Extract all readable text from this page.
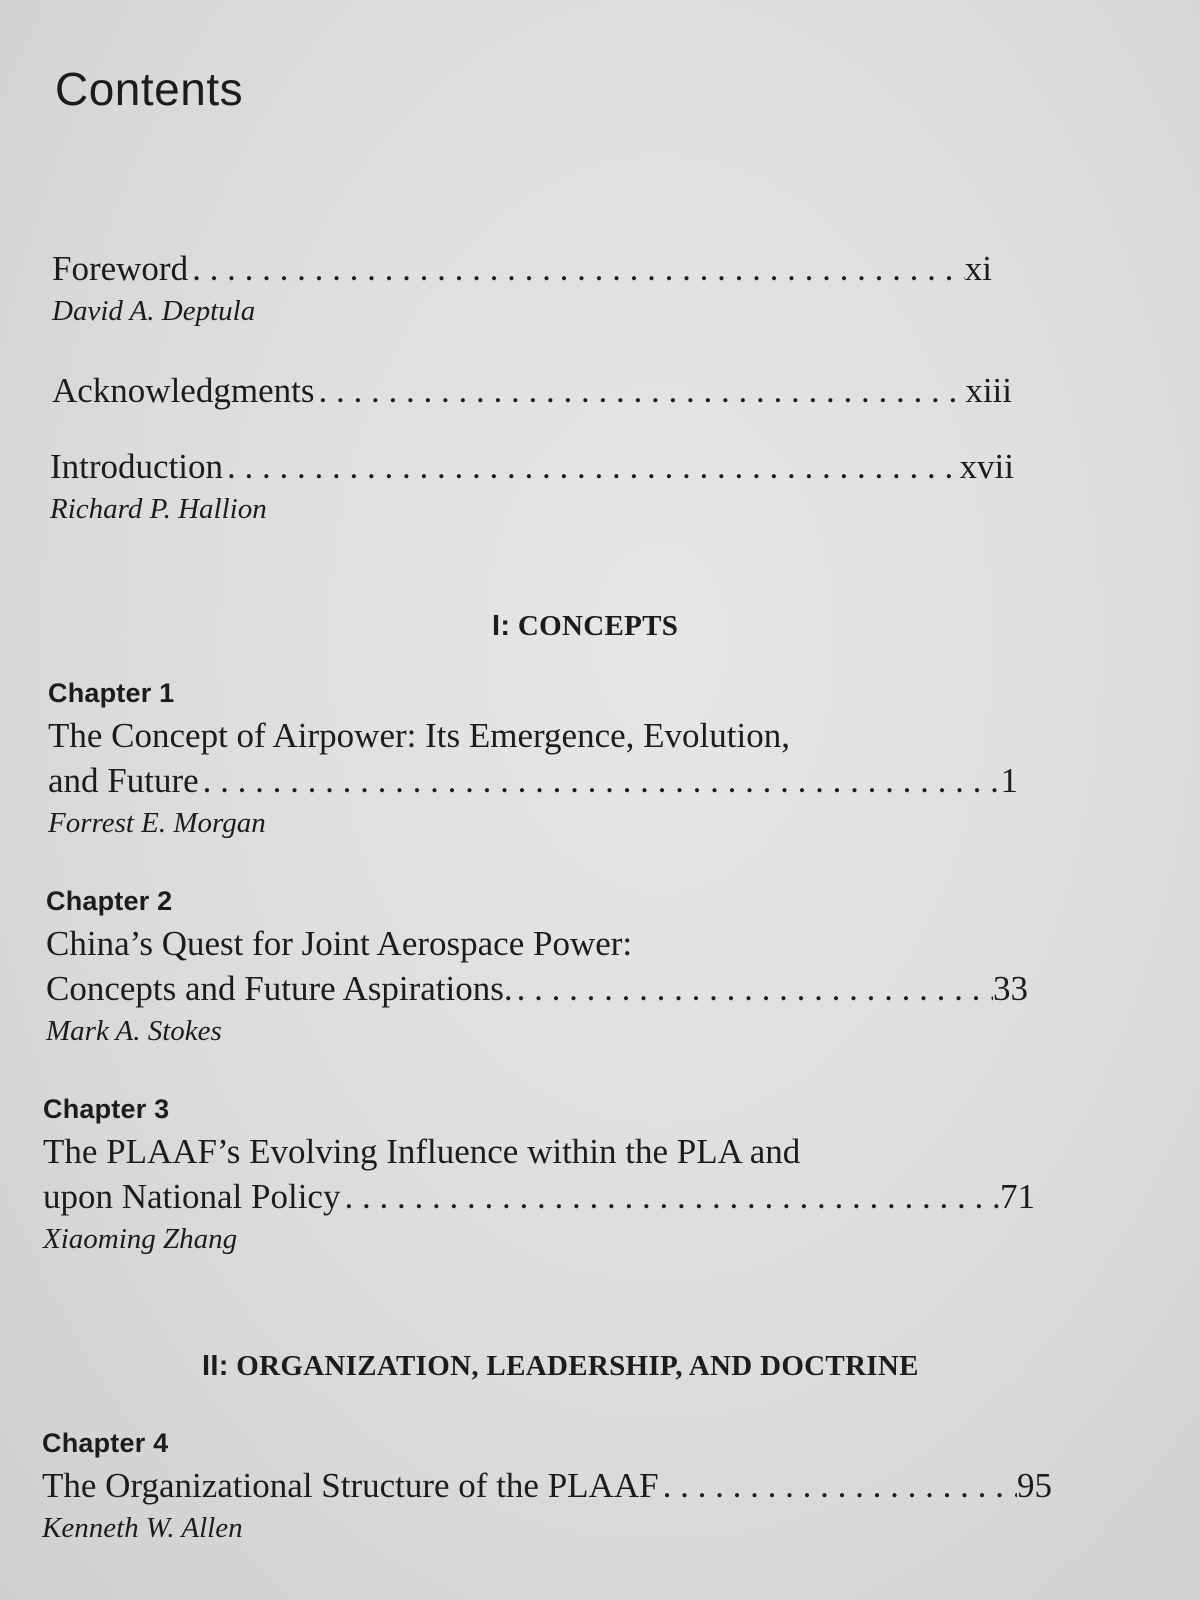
Contents
Foreword . . .	xi
David A. Deptula
Acknowledgments . . .	xiii
Introduction . . .	xvii
Richard P. Hallion
I: CONCEPTS
Chapter 1
The Concept of Airpower: Its Emergence, Evolution,
and Future . . .	1
Forrest E. Morgan
Chapter 2
China’s Quest for Joint Aerospace Power:
Concepts and Future Aspirations. . . .	33
Mark A. Stokes
Chapter 3
The PLAAF’s Evolving Influence within the PLA and
upon National Policy . . .	71
Xiaoming Zhang
II: ORGANIZATION, LEADERSHIP, AND DOCTRINE
Chapter 4
The Organizational Structure of the PLAAF . . .	95
Kenneth W. Allen
